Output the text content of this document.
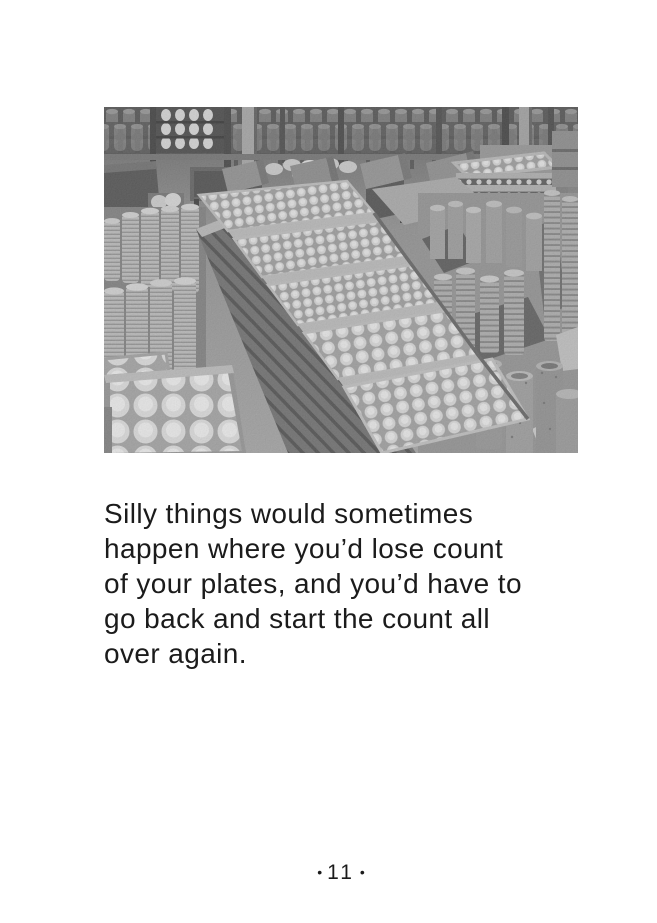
Silly things would sometimes
happen where you’d lose count
of your plates, and you’d have to
go back and start the count all
over again.
• 11 •
